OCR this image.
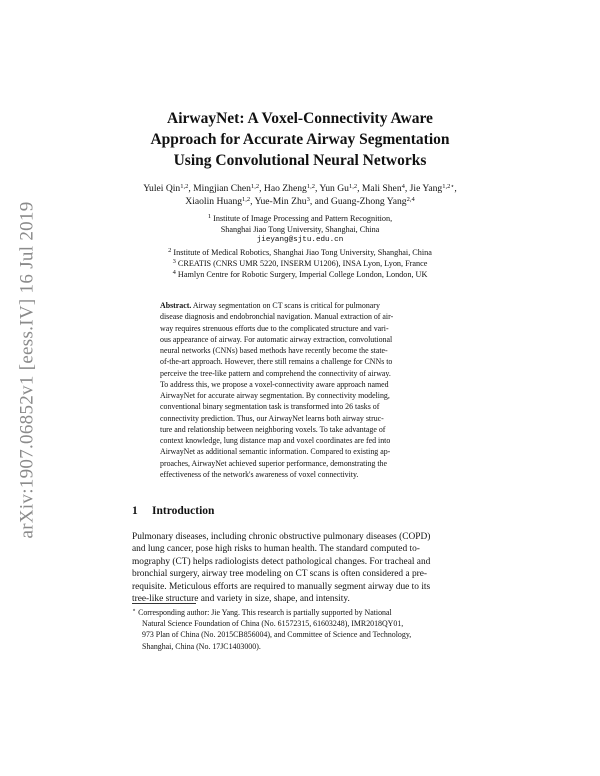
arXiv:1907.06852v1 [eess.IV] 16 Jul 2019
AirwayNet: A Voxel-Connectivity Aware
Approach for Accurate Airway Segmentation
Using Convolutional Neural Networks
Yulei Qin$^{1,2}$, Mingjian Chen$^{1,2}$, Hao Zheng$^{1,2}$, Yun Gu$^{1,2}$, Mali Shen$^4$, Jie Yang$^{1,2⋆}$,
Xiaolin Huang$^{1,2}$, Yue-Min Zhu$^3$, and Guang-Zhong Yang$^{2,4}$
$^1$ Institute of Image Processing and Pattern Recognition,
Shanghai Jiao Tong University, Shanghai, China
jieyang@sjtu.edu.cn
$^2$ Institute of Medical Robotics, Shanghai Jiao Tong University, Shanghai, China
$^3$ CREATIS (CNRS UMR 5220, INSERM U1206), INSA Lyon, Lyon, France
$^4$ Hamlyn Centre for Robotic Surgery, Imperial College London, London, UK
Abstract. Airway segmentation on CT scans is critical for pulmonary
disease diagnosis and endobronchial navigation. Manual extraction of air-
way requires strenuous efforts due to the complicated structure and vari-
ous appearance of airway. For automatic airway extraction, convolutional
neural networks (CNNs) based methods have recently become the state-
of-the-art approach. However, there still remains a challenge for CNNs to
perceive the tree-like pattern and comprehend the connectivity of airway.
To address this, we propose a voxel-connectivity aware approach named
AirwayNet for accurate airway segmentation. By connectivity modeling,
conventional binary segmentation task is transformed into 26 tasks of
connectivity prediction. Thus, our AirwayNet learns both airway struc-
ture and relationship between neighboring voxels. To take advantage of
context knowledge, lung distance map and voxel coordinates are fed into
AirwayNet as additional semantic information. Compared to existing ap-
proaches, AirwayNet achieved superior performance, demonstrating the
effectiveness of the network's awareness of voxel connectivity.
1 Introduction
Pulmonary diseases, including chronic obstructive pulmonary diseases (COPD)
and lung cancer, pose high risks to human health. The standard computed to-
mography (CT) helps radiologists detect pathological changes. For tracheal and
bronchial surgery, airway tree modeling on CT scans is often considered a pre-
requisite. Meticulous efforts are required to manually segment airway due to its
tree-like structure and variety in size, shape, and intensity.
⋆ Corresponding author: Jie Yang. This research is partially supported by National
Natural Science Foundation of China (No. 61572315, 61603248), IMR2018QY01,
973 Plan of China (No. 2015CB856004), and Committee of Science and Technology,
Shanghai, China (No. 17JC1403000).
